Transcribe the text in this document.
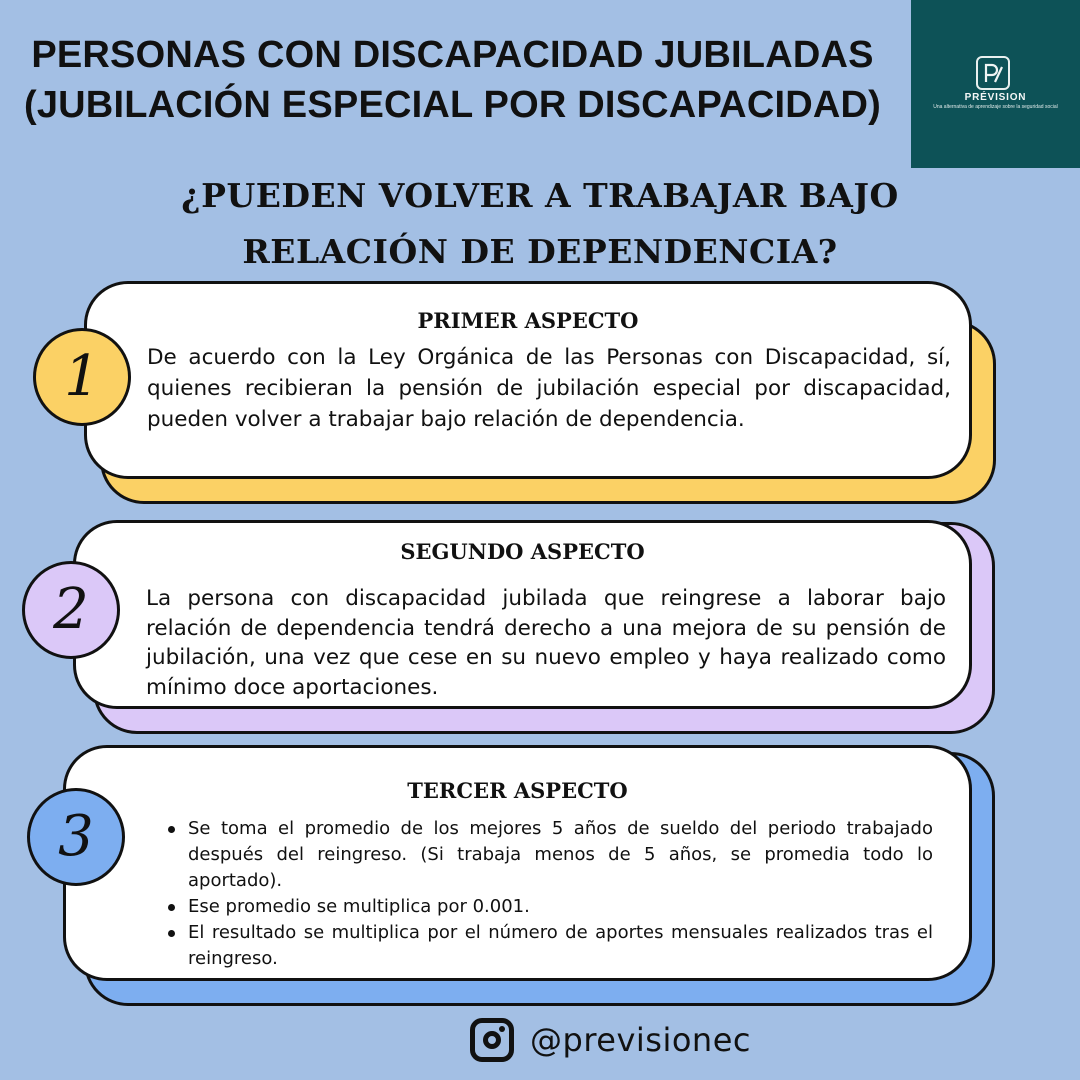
PERSONAS CON DISCAPACIDAD JUBILADAS
(JUBILACIÓN ESPECIAL POR DISCAPACIDAD)	PRÉVISION
Una alternativa de aprendizaje sobre la seguridad social
¿PUEDEN VOLVER A TRABAJAR BAJO
RELACIÓN DE DEPENDENCIA?
PRIMER ASPECTO
De acuerdo con la Ley Orgánica de las Personas con Discapacidad, sí, quienes recibieran la pensión de jubilación especial por discapacidad, pueden volver a trabajar bajo relación de dependencia.
1
SEGUNDO ASPECTO
La persona con discapacidad jubilada que reingrese a laborar bajo relación de dependencia tendrá derecho a una mejora de su pensión de jubilación, una vez que cese en su nuevo empleo y haya realizado como mínimo doce aportaciones.
2
TERCER ASPECTO
Se toma el promedio de los mejores 5 años de sueldo del periodo trabajado después del reingreso. (Si trabaja menos de 5 años, se promedia todo lo aportado).
Ese promedio se multiplica por 0.001.
El resultado se multiplica por el número de aportes mensuales realizados tras el reingreso.
3
@previsionec
